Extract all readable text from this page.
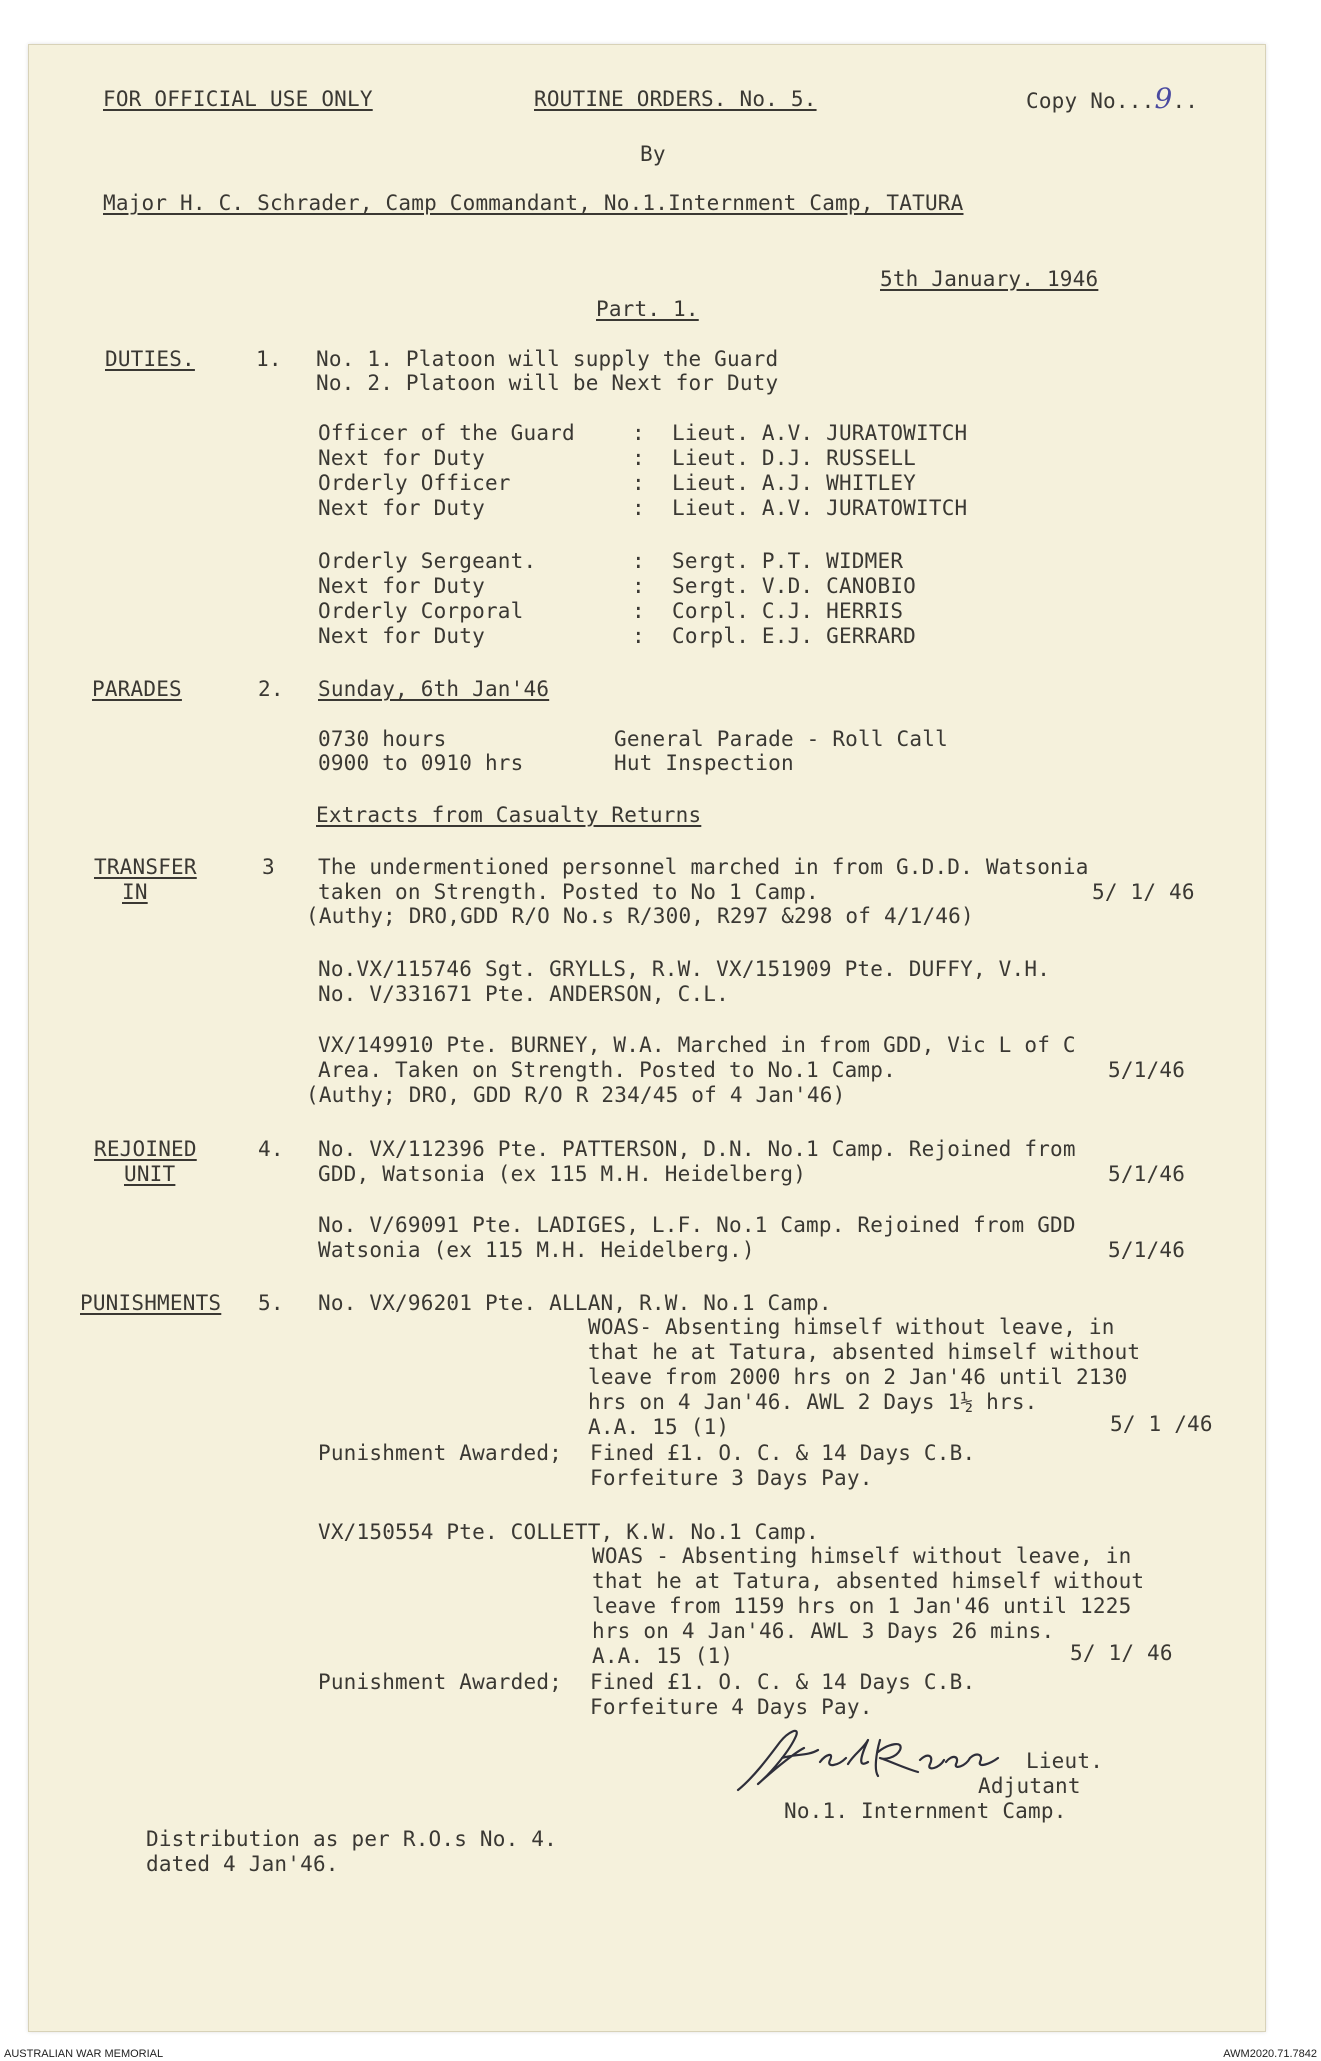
FOR OFFICIAL USE ONLY	ROUTINE ORDERS. No. 5.	Copy No...9..
By
Major H. C. Schrader, Camp Commandant, No.1.Internment Camp, TATURA
5th January. 1946
Part. 1.
DUTIES.	1. No. 1. Platoon will supply the Guard
No. 2. Platoon will be Next for Duty
Officer of the Guard	: Lieut. A.V. JURATOWITCH
Next for Duty	: Lieut. D.J. RUSSELL
Orderly Officer	: Lieut. A.J. WHITLEY
Next for Duty	: Lieut. A.V. JURATOWITCH
Orderly Sergeant.	: Sergt. P.T. WIDMER
Next for Duty	: Sergt. V.D. CANOBIO
Orderly Corporal	: Corpl. C.J. HERRIS
Next for Duty	: Corpl. E.J. GERRARD
PARADES	2. Sunday, 6th Jan'46
0730 hours	General Parade - Roll Call
0900 to 0910 hrs	Hut Inspection
Extracts from Casualty Returns
TRANSFER
IN
3 The undermentioned personnel marched in from G.D.D. Watsonia
taken on Strength. Posted to No 1 Camp.	5/ 1/ 46
(Authy; DRO,GDD R/O No.s R/300, R297 &298 of 4/1/46)
No.VX/115746 Sgt. GRYLLS, R.W. VX/151909 Pte. DUFFY, V.H.
No. V/331671 Pte. ANDERSON, C.L.
VX/149910 Pte. BURNEY, W.A. Marched in from GDD, Vic L of C
Area. Taken on Strength. Posted to No.1 Camp.	5/1/46
(Authy; DRO, GDD R/O R 234/45 of 4 Jan'46)
REJOINED
UNIT
4. No. VX/112396 Pte. PATTERSON, D.N. No.1 Camp. Rejoined from
GDD, Watsonia (ex 115 M.H. Heidelberg)	5/1/46
No. V/69091 Pte. LADIGES, L.F. No.1 Camp. Rejoined from GDD
Watsonia (ex 115 M.H. Heidelberg.)	5/1/46
PUNISHMENTS 5. No. VX/96201 Pte. ALLAN, R.W. No.1 Camp.
WOAS- Absenting himself without leave, in
that he at Tatura, absented himself without
leave from 2000 hrs on 2 Jan'46 until 2130
hrs on 4 Jan'46. AWL 2 Days 1½ hrs.
A.A. 15 (1)	5/ 1 /46
Punishment Awarded; Fined £1. O. C. & 14 Days C.B.
Forfeiture 3 Days Pay.
VX/150554 Pte. COLLETT, K.W. No.1 Camp.
WOAS - Absenting himself without leave, in
that he at Tatura, absented himself without
leave from 1159 hrs on 1 Jan'46 until 1225
hrs on 4 Jan'46. AWL 3 Days 26 mins.
A.A. 15 (1)	5/ 1/ 46
Punishment Awarded; Fined £1. O. C. & 14 Days C.B.
Forfeiture 4 Days Pay.
Lieut.
Adjutant
No.1. Internment Camp.
Distribution as per R.O.s No. 4.
dated 4 Jan'46.
AUSTRALIAN WAR MEMORIAL	AWM2020.71.7842
